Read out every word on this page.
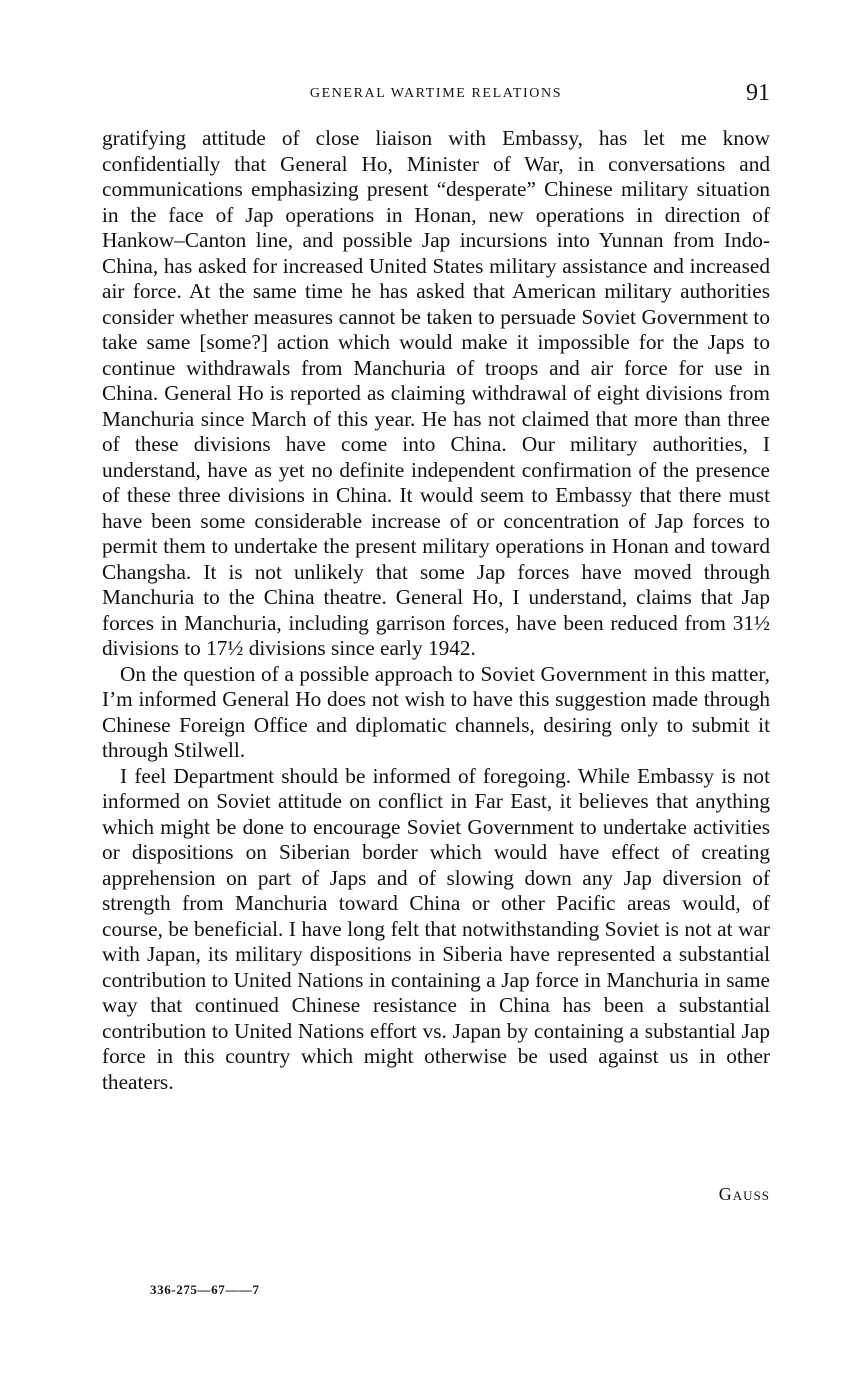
GENERAL WARTIME RELATIONS	91

gratifying attitude of close liaison with Embassy, has let me know confidentially that General Ho, Minister of War, in conversations and communications emphasizing present “desperate” Chinese military situation in the face of Jap operations in Honan, new operations in direction of Hankow–Canton line, and possible Jap incursions into Yunnan from Indo-China, has asked for increased United States military assistance and increased air force. At the same time he has asked that American military authorities consider whether measures cannot be taken to persuade Soviet Government to take same [some?] action which would make it impossible for the Japs to continue withdrawals from Manchuria of troops and air force for use in China. General Ho is reported as claiming withdrawal of eight divisions from Manchuria since March of this year. He has not claimed that more than three of these divisions have come into China. Our military authorities, I understand, have as yet no definite independent confirmation of the presence of these three divisions in China. It would seem to Embassy that there must have been some considerable increase of or concentration of Jap forces to permit them to undertake the present military operations in Honan and toward Changsha. It is not unlikely that some Jap forces have moved through Manchuria to the China theatre. General Ho, I understand, claims that Jap forces in Manchuria, including garrison forces, have been reduced from 31½ divisions to 17½ divisions since early 1942.

On the question of a possible approach to Soviet Government in this matter, I’m informed General Ho does not wish to have this suggestion made through Chinese Foreign Office and diplomatic channels, desiring only to submit it through Stilwell.

I feel Department should be informed of foregoing. While Embassy is not informed on Soviet attitude on conflict in Far East, it believes that anything which might be done to encourage Soviet Government to undertake activities or dispositions on Siberian border which would have effect of creating apprehension on part of Japs and of slowing down any Jap diversion of strength from Manchuria toward China or other Pacific areas would, of course, be beneficial. I have long felt that notwithstanding Soviet is not at war with Japan, its military dispositions in Siberia have represented a substantial contribution to United Nations in containing a Jap force in Manchuria in same way that continued Chinese resistance in China has been a substantial contribution to United Nations effort vs. Japan by containing a substantial Jap force in this country which might otherwise be used against us in other theaters.

Gauss
336-275—67——7
